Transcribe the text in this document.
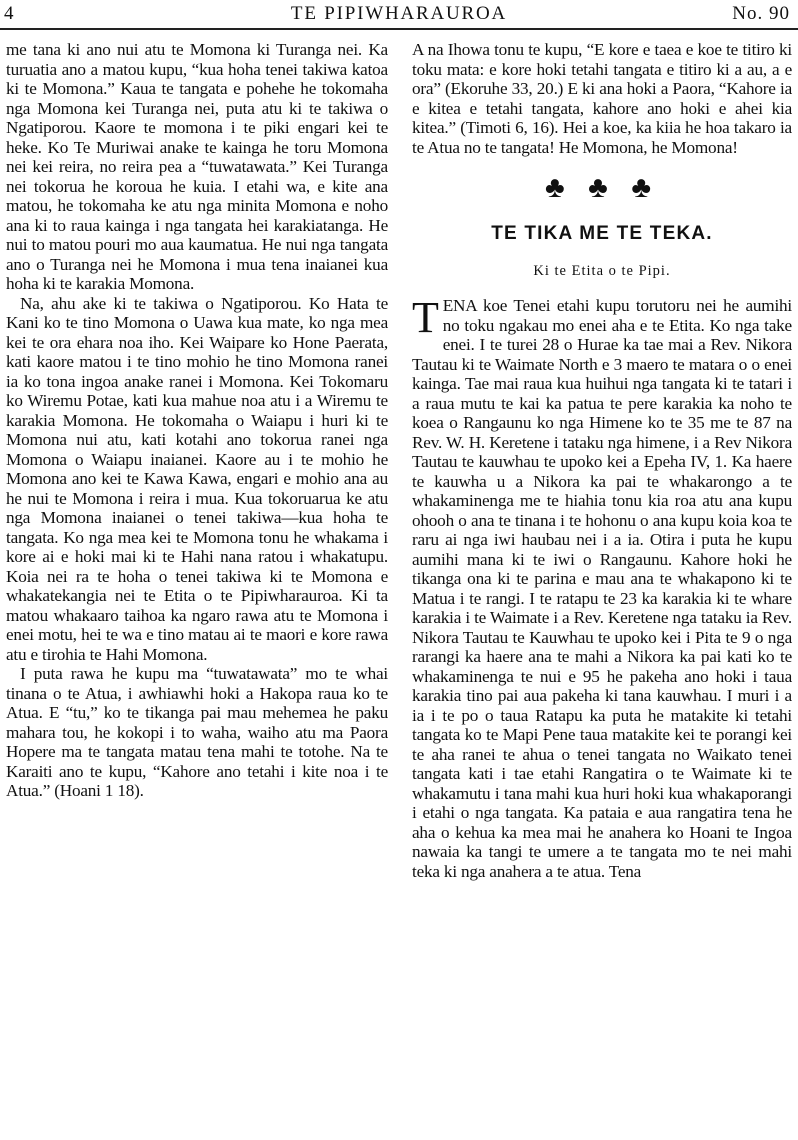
4	TE PIPIWHARAUROA	No. 90

me tana ki ano nui atu te Momona ki Turanga nei. Ka turuatia ano a matou kupu, “kua hoha tenei takiwa katoa ki te Momona.” Kaua te tangata e pohehe he tokomaha nga Momona kei Turanga nei, puta atu ki te takiwa o Ngatiporou. Kaore te momona i te piki engari kei te heke. Ko Te Muriwai anake te kainga he toru Momona nei kei reira, no reira pea a “tuwatawata.” Kei Turanga nei tokorua he koroua he kuia. I etahi wa, e kite ana matou, he tokomaha ke atu nga minita Momona e noho ana ki to raua kainga i nga tangata hei karakiatanga. He nui to matou pouri mo aua kaumatua. He nui nga tangata ano o Turanga nei he Momona i mua tena inaianei kua hoha ki te karakia Momona.

Na, ahu ake ki te takiwa o Ngatiporou. Ko Hata te Kani ko te tino Momona o Uawa kua mate, ko nga mea kei te ora ehara noa iho. Kei Waipare ko Hone Paerata, kati kaore matou i te tino mohio he tino Momona ranei ia ko tona ingoa anake ranei i Momona. Kei Tokomaru ko Wiremu Potae, kati kua mahue noa atu i a Wiremu te karakia Momona. He tokomaha o Waiapu i huri ki te Momona nui atu, kati kotahi ano tokorua ranei nga Momona o Waiapu inaianei. Kaore au i te mohio he Momona ano kei te Kawa Kawa, engari e mohio ana au he nui te Momona i reira i mua. Kua tokoruarua ke atu nga Momona inaianei o tenei takiwa—kua hoha te tangata. Ko nga mea kei te Momona tonu he whakama i kore ai e hoki mai ki te Hahi nana ratou i whakatupu. Koia nei ra te hoha o tenei takiwa ki te Momona e whakatekangia nei te Etita o te Pipiwharauroa. Ki ta matou whakaaro taihoa ka ngaro rawa atu te Momona i enei motu, hei te wa e tino matau ai te maori e kore rawa atu e tirohia te Hahi Momona.

I puta rawa he kupu ma “tuwatawata” mo te whai tinana o te Atua, i awhiawhi hoki a Hakopa raua ko te Atua. E “tu,” ko te tikanga pai mau mehemea he paku mahara tou, he kokopi i to waha, waiho atu ma Paora Hopere ma te tangata matau tena mahi te totohe. Na te Karaiti ano te kupu, “Kahore ano tetahi i kite noa i te Atua.” (Hoani 1 18).

A na Ihowa tonu te kupu, “E kore e taea e koe te titiro ki toku mata: e kore hoki tetahi tangata e titiro ki a au, a e ora” (Ekoruhe 33, 20.) E ki ana hoki a Paora, “Kahore ia e kitea e tetahi tangata, kahore ano hoki e ahei kia kitea.” (Timoti 6, 16). Hei a koe, ka kiia he hoa takaro ia te Atua no te tangata! He Momona, he Momona!

♣ ♣ ♣
TE TIKA ME TE TEKA.
Ki te Etita o te Pipi.

TENA koe Tenei etahi kupu torutoru nei he aumihi no toku ngakau mo enei aha e te Etita. Ko nga take enei. I te turei 28 o Hurae ka tae mai a Rev. Nikora Tautau ki te Waimate North e 3 maero te matara o o enei kainga. Tae mai raua kua huihui nga tangata ki te tatari i a raua mutu te kai ka patua te pere karakia ka noho te koea o Rangaunu ko nga Himene ko te 35 me te 87 na Rev. W. H. Keretene i tataku nga himene, i a Rev Nikora Tautau te kauwhau te upoko kei a Epeha IV, 1. Ka haere te kauwha u a Nikora ka pai te whakarongo a te whakaminenga me te hiahia tonu kia roa atu ana kupu ohooh o ana te tinana i te hohonu o ana kupu koia koa te raru ai nga iwi haubau nei i a ia. Otira i puta he kupu aumihi mana ki te iwi o Rangaunu. Kahore hoki he tikanga ona ki te parina e mau ana te whakapono ki te Matua i te rangi. I te ratapu te 23 ka karakia ki te whare karakia i te Waimate i a Rev. Keretene nga tataku ia Rev. Nikora Tautau te Kauwhau te upoko kei i Pita te 9 o nga rarangi ka haere ana te mahi a Nikora ka pai kati ko te whakaminenga te nui e 95 he pakeha ano hoki i taua karakia tino pai aua pakeha ki tana kauwhau. I muri i a ia i te po o taua Ratapu ka puta he matakite ki tetahi tangata ko te Mapi Pene taua matakite kei te porangi kei te aha ranei te ahua o tenei tangata no Waikato tenei tangata kati i tae etahi Rangatira o te Waimate ki te whakamutu i tana mahi kua huri hoki kua whakaporangi i etahi o nga tangata. Ka pataia e aua rangatira tena he aha o kehua ka mea mai he anahera ko Hoani te Ingoa nawaia ka tangi te umere a te tangata mo te nei mahi teka ki nga anahera a te atua. Tena
